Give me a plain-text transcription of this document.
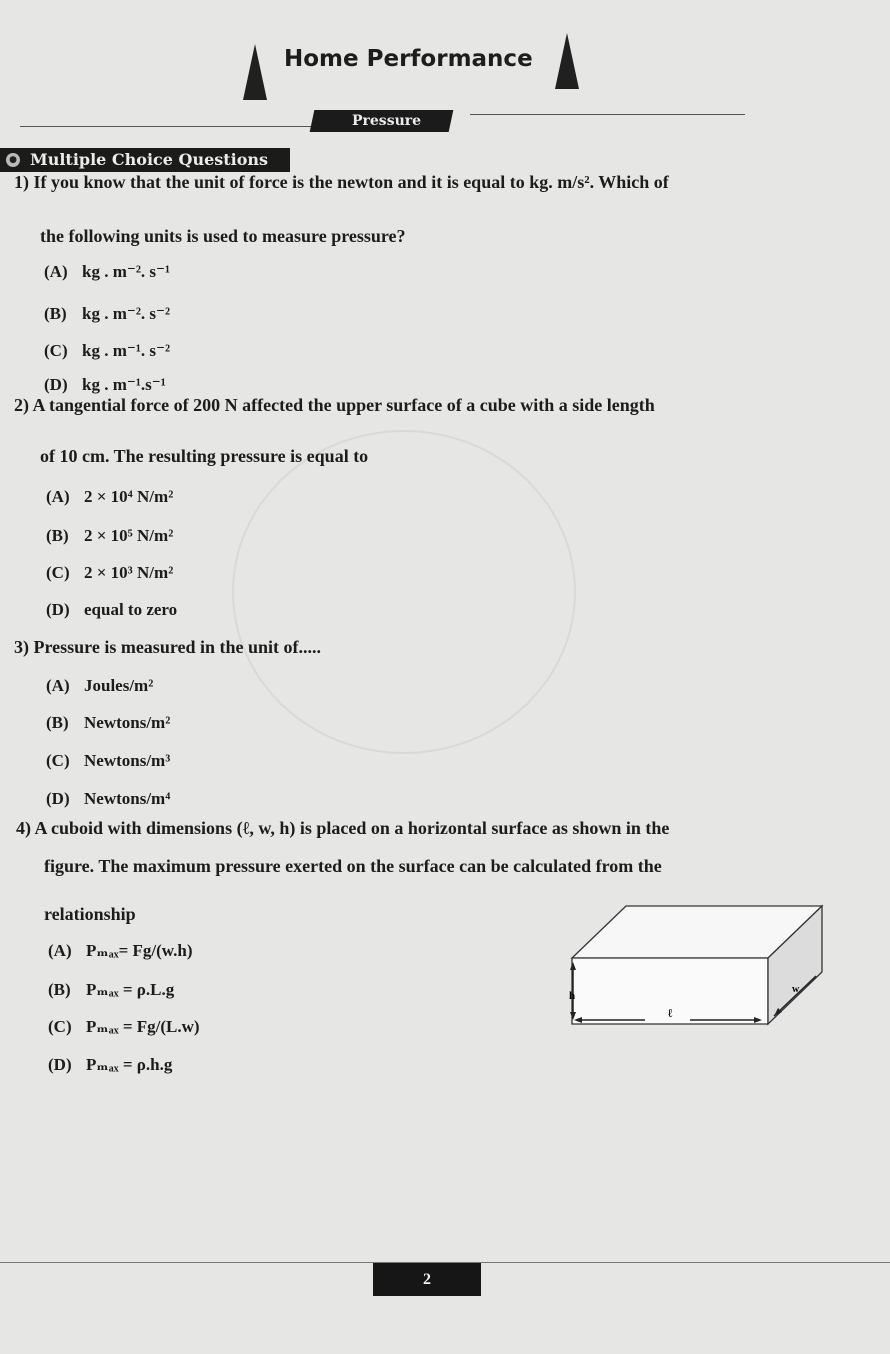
Home Performance
Pressure
● Multiple Choice Questions
1) If you know that the unit of force is the newton and it is equal to kg. m/s². Which of
the following units is used to measure pressure?
(A) kg . m⁻². s⁻¹
(B) kg . m⁻². s⁻²
(C) kg . m⁻¹. s⁻²
(D) kg . m⁻¹.s⁻¹
2) A tangential force of 200 N affected the upper surface of a cube with a side length
of 10 cm. The resulting pressure is equal to
(A) 2 × 10⁴ N/m²
(B) 2 × 10⁵ N/m²
(C) 2 × 10³ N/m²
(D) equal to zero
3) Pressure is measured in the unit of.....
(A) Joules/m²
(B) Newtons/m²
(C) Newtons/m³
(D) Newtons/m⁴
4) A cuboid with dimensions (ℓ, w, h) is placed on a horizontal surface as shown in the
figure. The maximum pressure exerted on the surface can be calculated from the
relationship
(A) Pₘₐₓ= Fg/(w.h)
(B) Pₘₐₓ = ρ.L.g
(C) Pₘₐₓ = Fg/(L.w)
(D) Pₘₐₓ = ρ.h.g
h
ℓ
w
2
